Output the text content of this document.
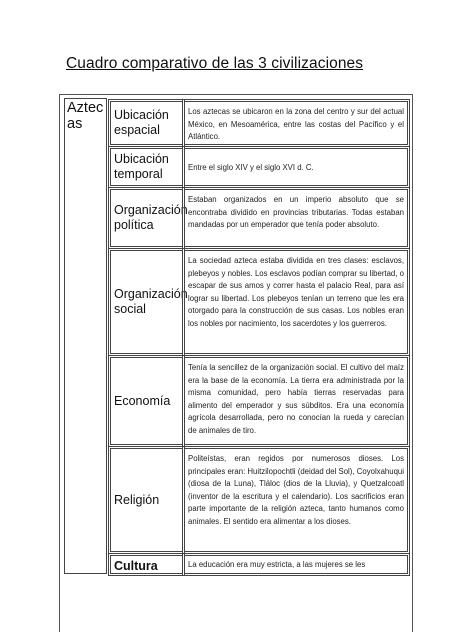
Cuadro comparativo de las 3 civilizaciones
Aztecas
Ubicación espacial
Los aztecas se ubicaron en la zona del centro y sur del actual México, en Mesoamérica, entre las costas del Pacífico y el Atlántico.
Ubicación temporal	Entre el siglo XIV y el siglo XVI d. C.
Organización política
Estaban organizados en un imperio absoluto que se encontraba dividido en provincias tributarias. Todas estaban mandadas por un emperador que tenía poder absoluto.
Organización social
La sociedad azteca estaba dividida en tres clases: esclavos, plebeyos y nobles. Los esclavos podían comprar su libertad, o escapar de sus amos y correr hasta el palacio Real, para así lograr su libertad. Los plebeyos tenían un terreno que les era otorgado para la construcción de sus casas. Los nobles eran los nobles por nacimiento, los sacerdotes y los guerreros.
Economía
Tenía la sencillez de la organización social. El cultivo del maíz era la base de la economía. La tierra era administrada por la misma comunidad, pero había tierras reservadas para alimento del emperador y sus súbditos. Era una economía agrícola desarrollada, pero no conocían la rueda y carecían de animales de tiro.
Religión
Politeístas, eran regidos por numerosos dioses. Los principales eran: Huitzilopochtli (deidad del Sol), Coyolxahuqui (diosa de la Luna), Tláloc (dios de la Lluvia), y Quetzalcoatl (inventor de la escritura y el calendario). Los sacrificios eran parte importante de la religión azteca, tanto humanos como animales. El sentido era alimentar a los dioses.
Cultura	La educación era muy estricta, a las mujeres se les
